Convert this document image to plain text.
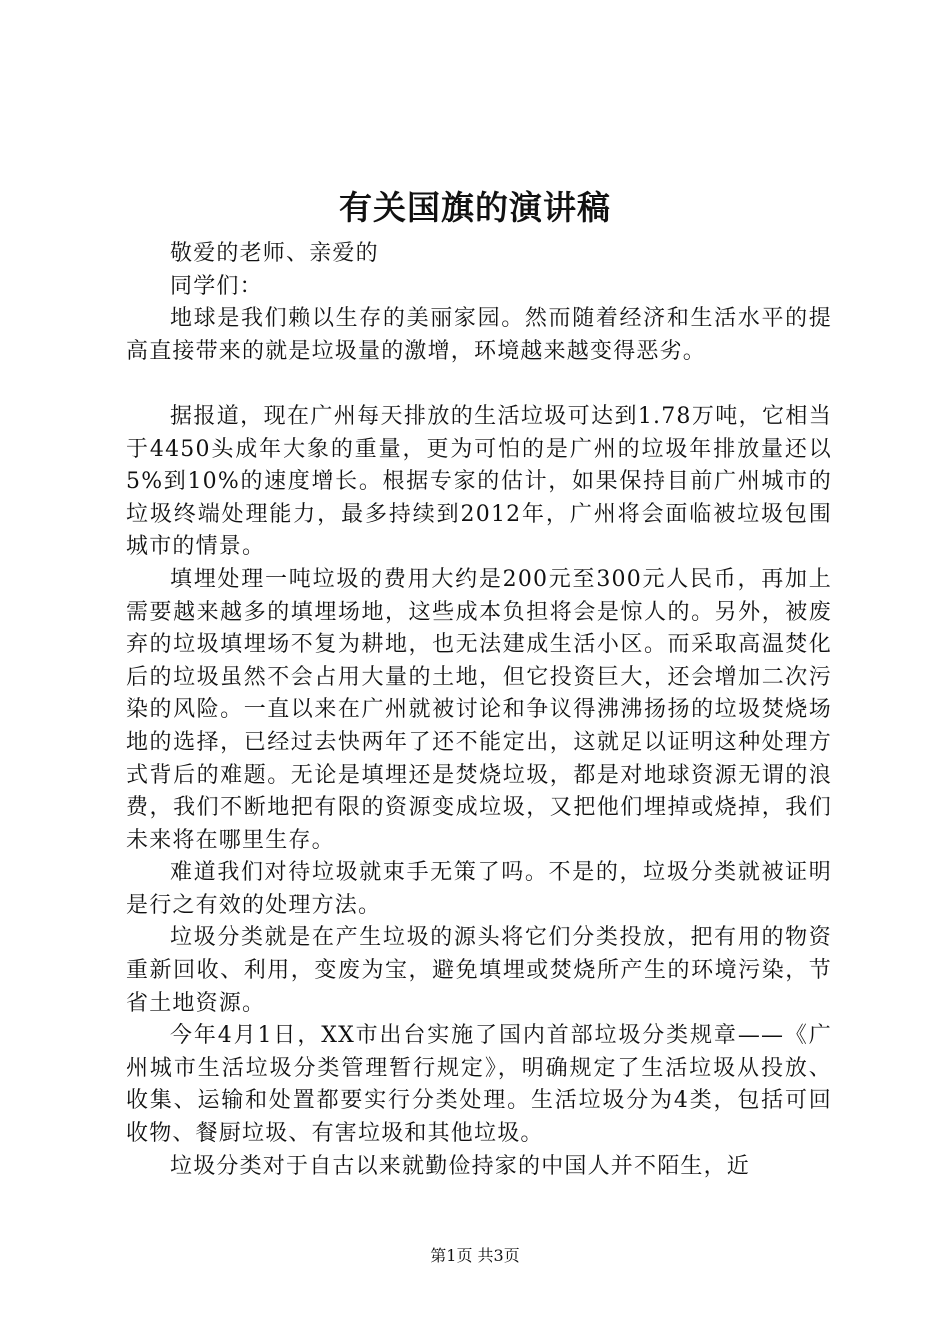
有关国旗的演讲稿

敬爱的老师、亲爱的

同学们：

地球是我们赖以生存的美丽家园。然而随着经济和生活水平的提高直接带来的就是垃圾量的激增，环境越来越变得恶劣。

据报道，现在广州每天排放的生活垃圾可达到1.78万吨，它相当于4450头成年大象的重量，更为可怕的是广州的垃圾年排放量还以5%到10%的速度增长。根据专家的估计，如果保持目前广州城市的垃圾终端处理能力，最多持续到2012年，广州将会面临被垃圾包围城市的情景。

填埋处理一吨垃圾的费用大约是200元至300元人民币，再加上需要越来越多的填埋场地，这些成本负担将会是惊人的。另外，被废弃的垃圾填埋场不复为耕地，也无法建成生活小区。而采取高温焚化后的垃圾虽然不会占用大量的土地，但它投资巨大，还会增加二次污染的风险。一直以来在广州就被讨论和争议得沸沸扬扬的垃圾焚烧场地的选择，已经过去快两年了还不能定出，这就足以证明这种处理方式背后的难题。无论是填埋还是焚烧垃圾，都是对地球资源无谓的浪费，我们不断地把有限的资源变成垃圾，又把他们埋掉或烧掉，我们未来将在哪里生存。

难道我们对待垃圾就束手无策了吗。不是的，垃圾分类就被证明是行之有效的处理方法。

垃圾分类就是在产生垃圾的源头将它们分类投放，把有用的物资重新回收、利用，变废为宝，避免填埋或焚烧所产生的环境污染，节省土地资源。

今年4月1日，XX市出台实施了国内首部垃圾分类规章——《广州城市生活垃圾分类管理暂行规定》，明确规定了生活垃圾从投放、收集、运输和处置都要实行分类处理。生活垃圾分为4类，包括可回收物、餐厨垃圾、有害垃圾和其他垃圾。

垃圾分类对于自古以来就勤俭持家的中国人并不陌生，近

第1页 共3页
